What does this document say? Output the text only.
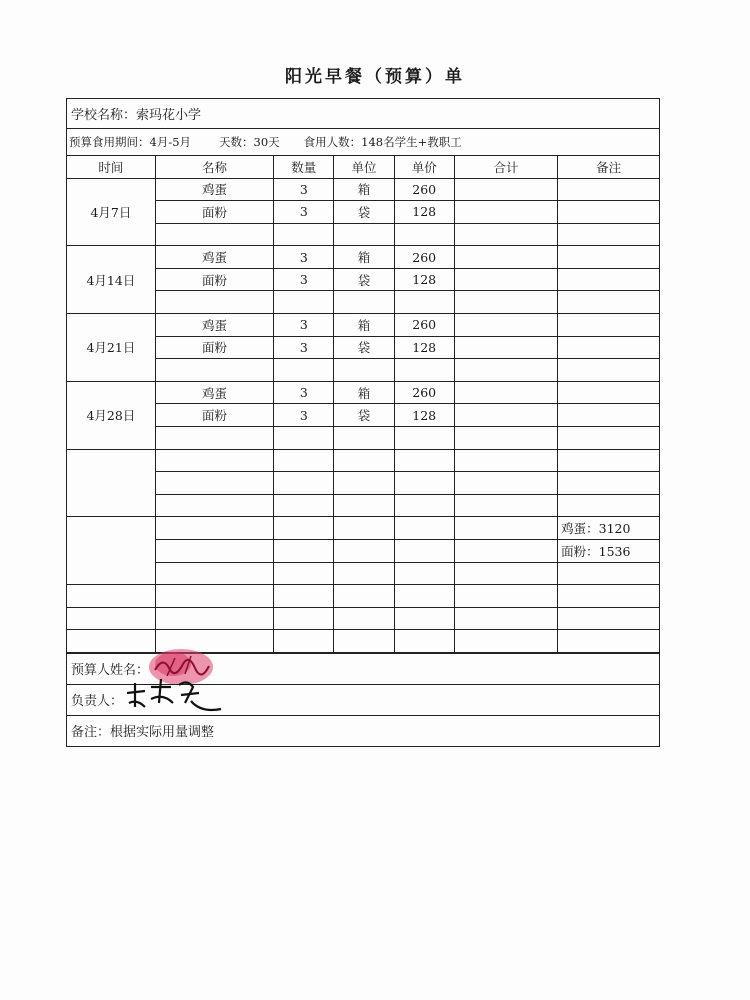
阳光早餐（预算）单
学校名称： 索玛花小学
预算食用期间： 4月-5月 天数： 30天 食用人数： 148名学生+教职工
时间	名称	数量	单位	单价	合计	备注
4月7日	鸡蛋	3	箱	260		
	面粉	3	袋	128		

4月14日	鸡蛋	3	箱	260		
	面粉	3	袋	128		

4月21日	鸡蛋	3	箱	260		
	面粉	3	袋	128		

4月28日	鸡蛋	3	箱	260		
	面粉	3	袋	128		

						鸡蛋：3120
						面粉：1536

预算人姓名：
负责人：
备注： 根据实际用量调整
